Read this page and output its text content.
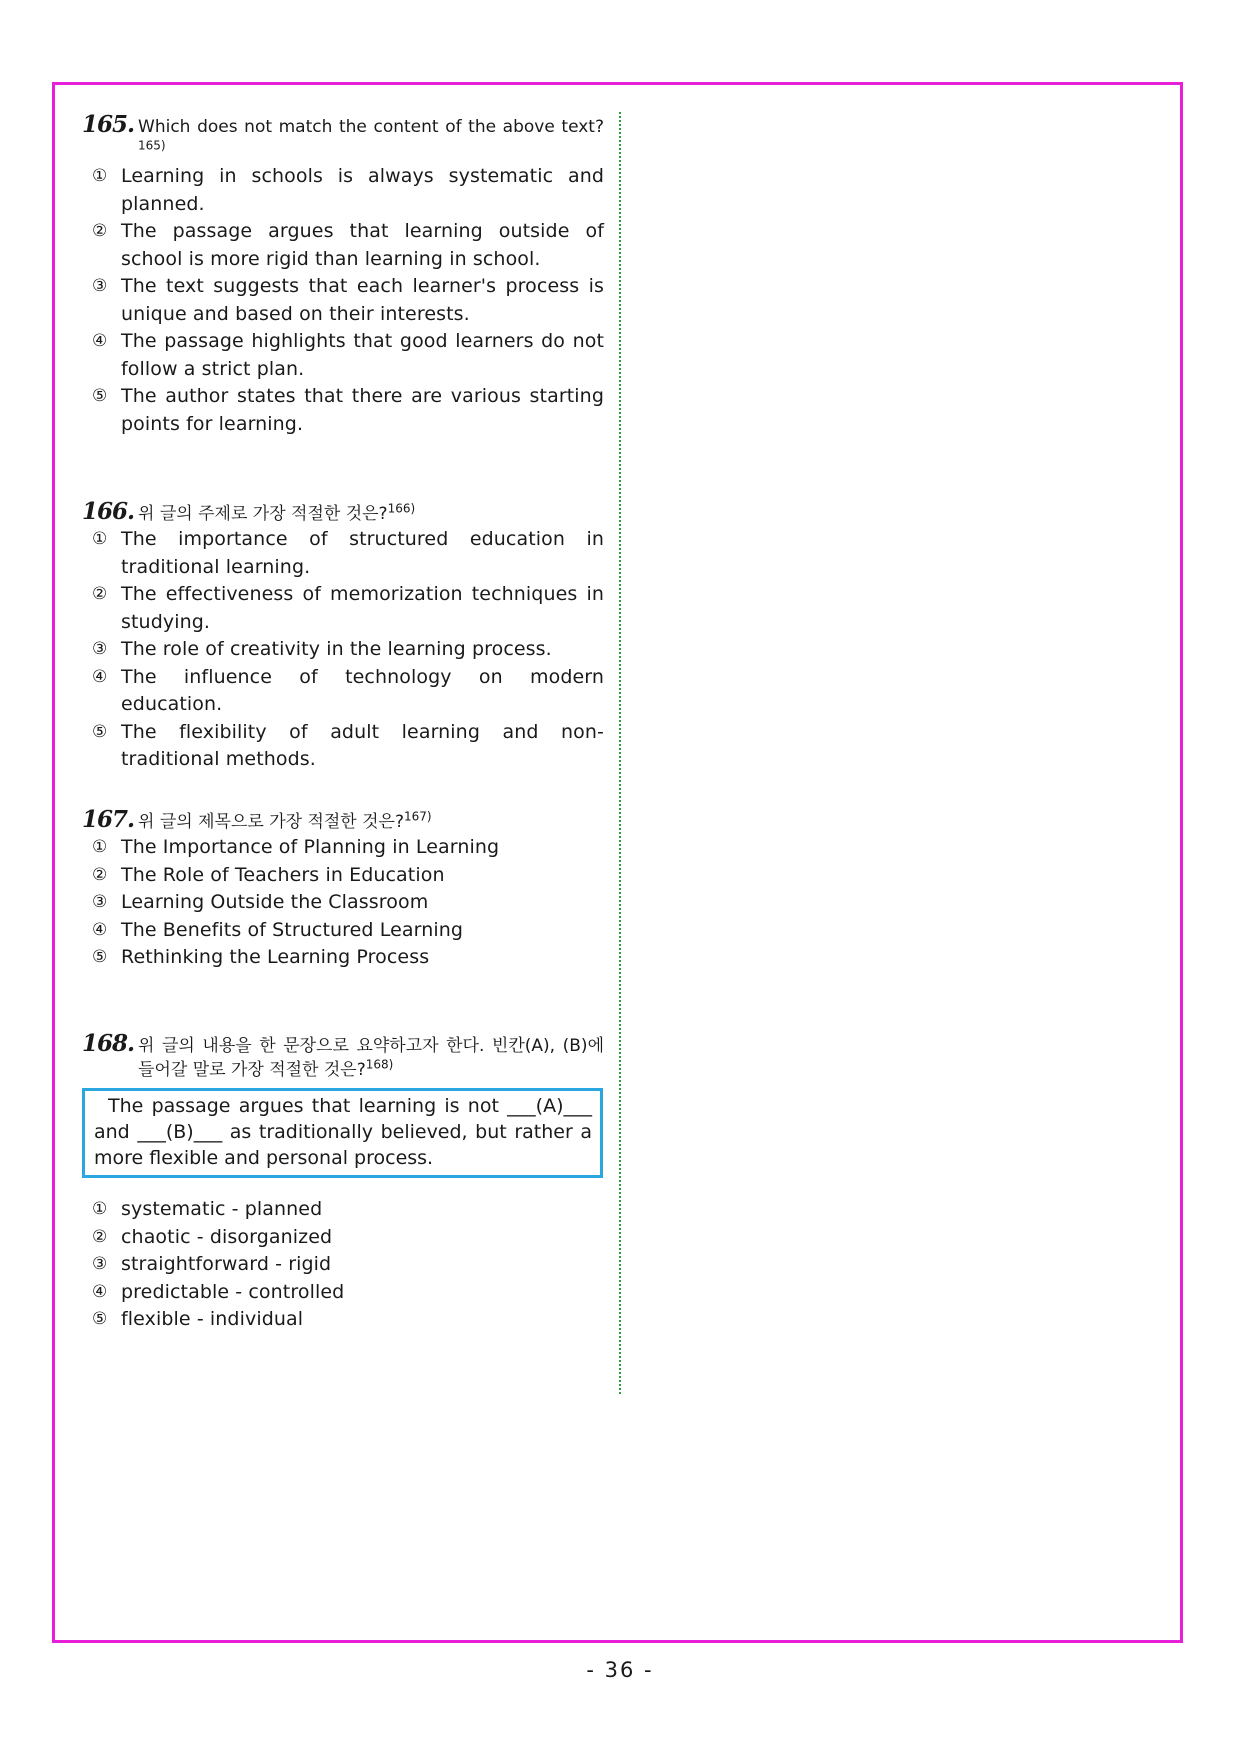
165. Which does not match the content of the above text?$^{165)}$
① Learning in schools is always systematic and planned.
② The passage argues that learning outside of school is more rigid than learning in school.
③ The text suggests that each learner's process is unique and based on their interests.
④ The passage highlights that good learners do not follow a strict plan.
⑤ The author states that there are various starting points for learning.
166. 위 글의 주제로 가장 적절한 것은?$^{166)}$
① The importance of structured education in traditional learning.
② The effectiveness of memorization techniques in studying.
③ The role of creativity in the learning process.
④ The influence of technology on modern education.
⑤ The flexibility of adult learning and non-traditional methods.
167. 위 글의 제목으로 가장 적절한 것은?$^{167)}$
① The Importance of Planning in Learning
② The Role of Teachers in Education
③ Learning Outside the Classroom
④ The Benefits of Structured Learning
⑤ Rethinking the Learning Process
168. 위 글의 내용을 한 문장으로 요약하고자 한다. 빈칸(A), (B)에 들어갈 말로 가장 적절한 것은?$^{168)}$
The passage argues that learning is not ___(A)___ and ___(B)___ as traditionally believed, but rather a more flexible and personal process.
① systematic - planned
② chaotic - disorganized
③ straightforward - rigid
④ predictable - controlled
⑤ flexible - individual
- 36 -
